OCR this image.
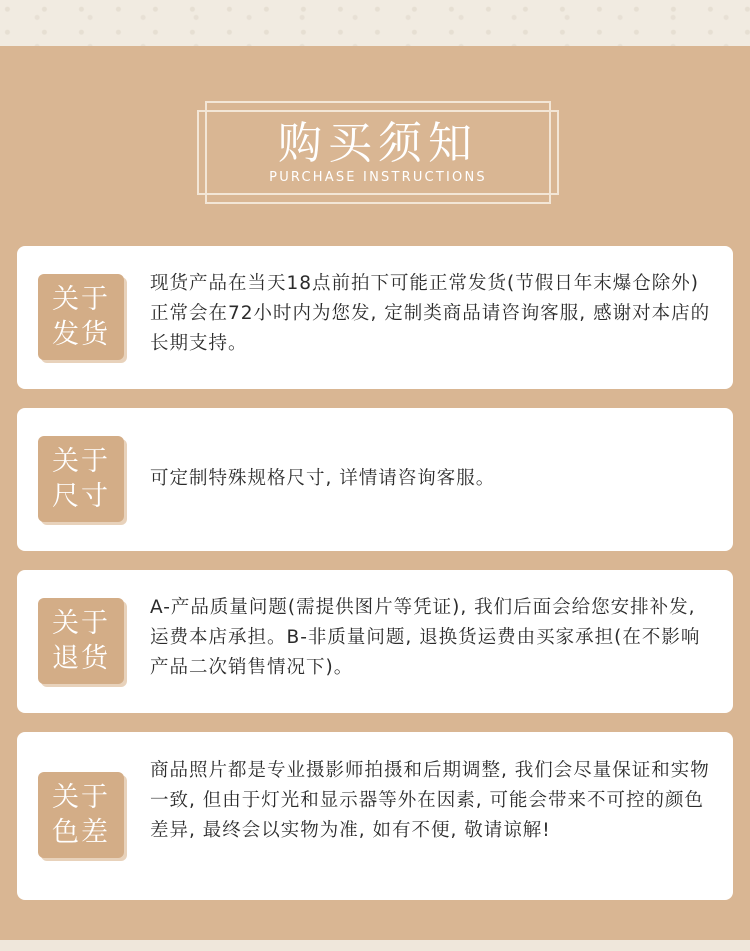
购买须知
PURCHASE INSTRUCTIONS
关于
发货
现货产品在当天18点前拍下可能正常发货(节假日年末爆仓除外)正常会在72小时内为您发, 定制类商品请咨询客服, 感谢对本店的长期支持。
关于
尺寸
可定制特殊规格尺寸, 详情请咨询客服。
关于
退货
A-产品质量问题(需提供图片等凭证), 我们后面会给您安排补发, 运费本店承担。B-非质量问题, 退换货运费由买家承担(在不影响产品二次销售情况下)。
关于
色差
商品照片都是专业摄影师拍摄和后期调整, 我们会尽量保证和实物一致, 但由于灯光和显示器等外在因素, 可能会带来不可控的颜色差异, 最终会以实物为准, 如有不便, 敬请谅解!
